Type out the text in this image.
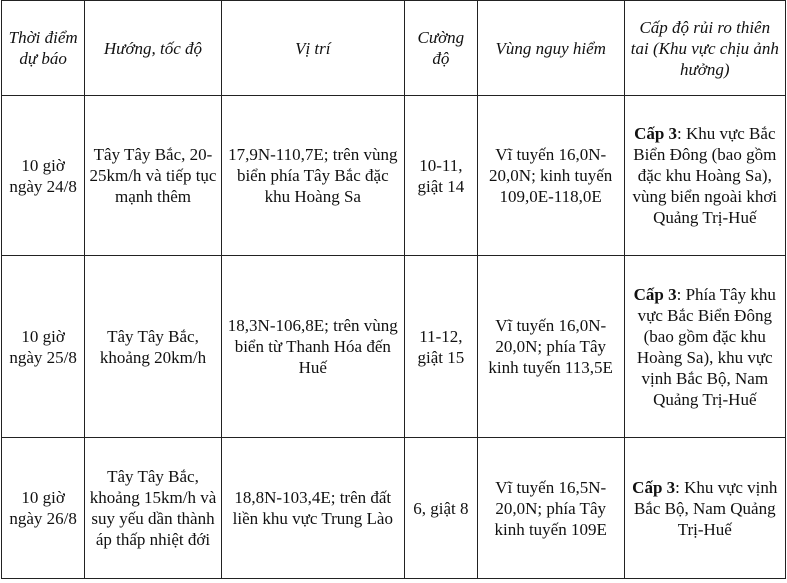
Thời điểm dự báo	Hướng, tốc độ	Vị trí	Cường độ	Vùng nguy hiểm	Cấp độ rủi ro thiên tai (Khu vực chịu ảnh hưởng)
10 giờ ngày 24/8	Tây Tây Bắc, 20-25km/h và tiếp tục mạnh thêm	17,9N-110,7E; trên vùng biển phía Tây Bắc đặc khu Hoàng Sa	10-11, giật 14	Vĩ tuyến 16,0N-20,0N; kinh tuyến 109,0E-118,0E	Cấp 3: Khu vực Bắc Biển Đông (bao gồm đặc khu Hoàng Sa), vùng biển ngoài khơi Quảng Trị-Huế
10 giờ ngày 25/8	Tây Tây Bắc, khoảng 20km/h	18,3N-106,8E; trên vùng biển từ Thanh Hóa đến Huế	11-12, giật 15	Vĩ tuyến 16,0N-20,0N; phía Tây kinh tuyến 113,5E	Cấp 3: Phía Tây khu vực Bắc Biển Đông (bao gồm đặc khu Hoàng Sa), khu vực vịnh Bắc Bộ, Nam Quảng Trị-Huế
10 giờ ngày 26/8	Tây Tây Bắc, khoảng 15km/h và suy yếu dần thành áp thấp nhiệt đới	18,8N-103,4E; trên đất liền khu vực Trung Lào	6, giật 8	Vĩ tuyến 16,5N-20,0N; phía Tây kinh tuyến 109E	Cấp 3: Khu vực vịnh Bắc Bộ, Nam Quảng Trị-Huế
